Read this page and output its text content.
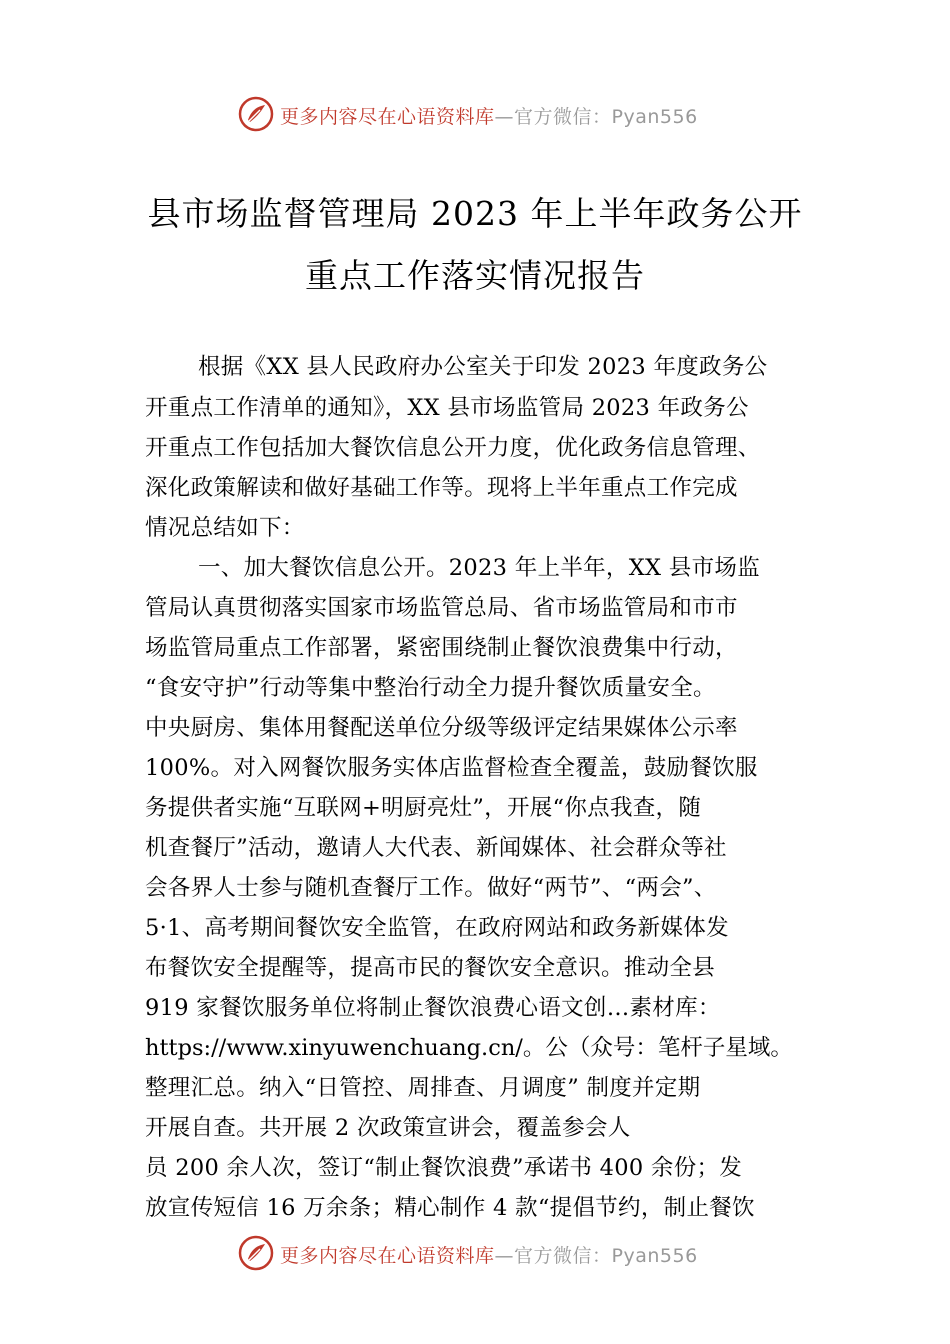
更多内容尽在心语资料库—官方微信：Pyan556
县市场监督管理局 2023 年上半年政务公开
重点工作落实情况报告
根据《XX 县人民政府办公室关于印发 2023 年度政务公
开重点工作清单的通知》，XX 县市场监管局 2023 年政务公
开重点工作包括加大餐饮信息公开力度，优化政务信息管理、
深化政策解读和做好基础工作等。现将上半年重点工作完成
情况总结如下：
一、加大餐饮信息公开。2023 年上半年，XX 县市场监
管局认真贯彻落实国家市场监管总局、省市场监管局和市市
场监管局重点工作部署，紧密围绕制止餐饮浪费集中行动，
“食安守护”行动等集中整治行动全力提升餐饮质量安全。
中央厨房、集体用餐配送单位分级等级评定结果媒体公示率
100%。对入网餐饮服务实体店监督检查全覆盖，鼓励餐饮服
务提供者实施“互联网+明厨亮灶”，开展“你点我查，随
机查餐厅”活动，邀请人大代表、新闻媒体、社会群众等社
会各界人士参与随机查餐厅工作。做好“两节”、“两会”、
5·1、高考期间餐饮安全监管，在政府网站和政务新媒体发
布餐饮安全提醒等，提高市民的餐饮安全意识。推动全县
919 家餐饮服务单位将制止餐饮浪费心语文创…素材库：
https://www.xinyuwenchuang.cn/。公（众号：笔杆子星域。
整理汇总。纳入“日管控、周排查、月调度” 制度并定期
开展自查。共开展 2 次政策宣讲会，覆盖参会人
员 200 余人次，签订“制止餐饮浪费”承诺书 400 余份；发
放宣传短信 16 万余条；精心制作 4 款“提倡节约，制止餐饮
更多内容尽在心语资料库—官方微信：Pyan556
